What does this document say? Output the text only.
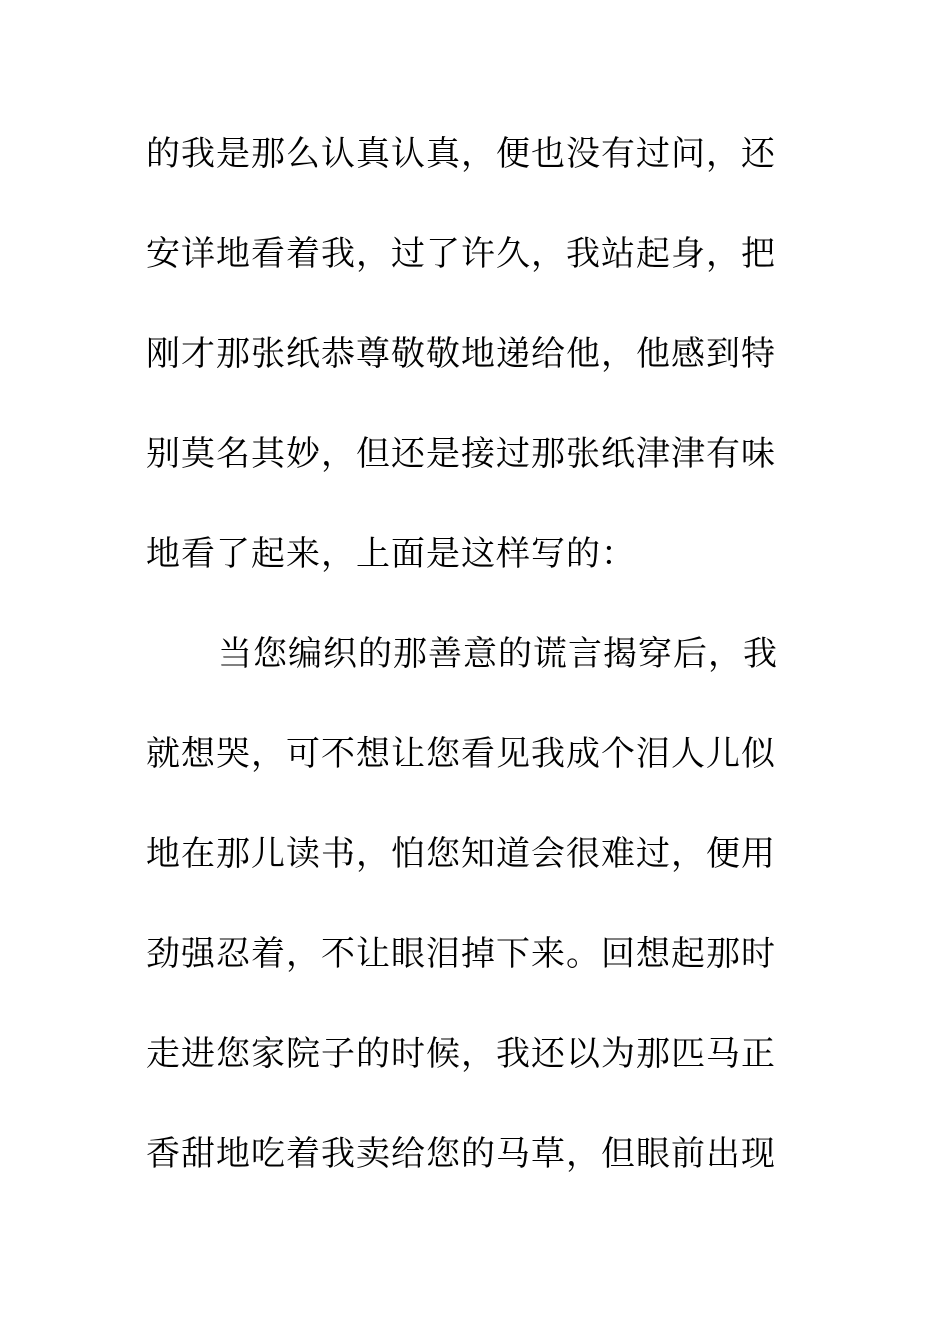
的我是那么认真认真，便也没有过问，还
安详地看着我，过了许久，我站起身，把
刚才那张纸恭尊敬敬地递给他，他感到特
别莫名其妙，但还是接过那张纸津津有味
地看了起来，上面是这样写的：
当您编织的那善意的谎言揭穿后，我
就想哭，可不想让您看见我成个泪人儿似
地在那儿读书，怕您知道会很难过，便用
劲强忍着，不让眼泪掉下来。回想起那时
走进您家院子的时候，我还以为那匹马正
香甜地吃着我卖给您的马草，但眼前出现
